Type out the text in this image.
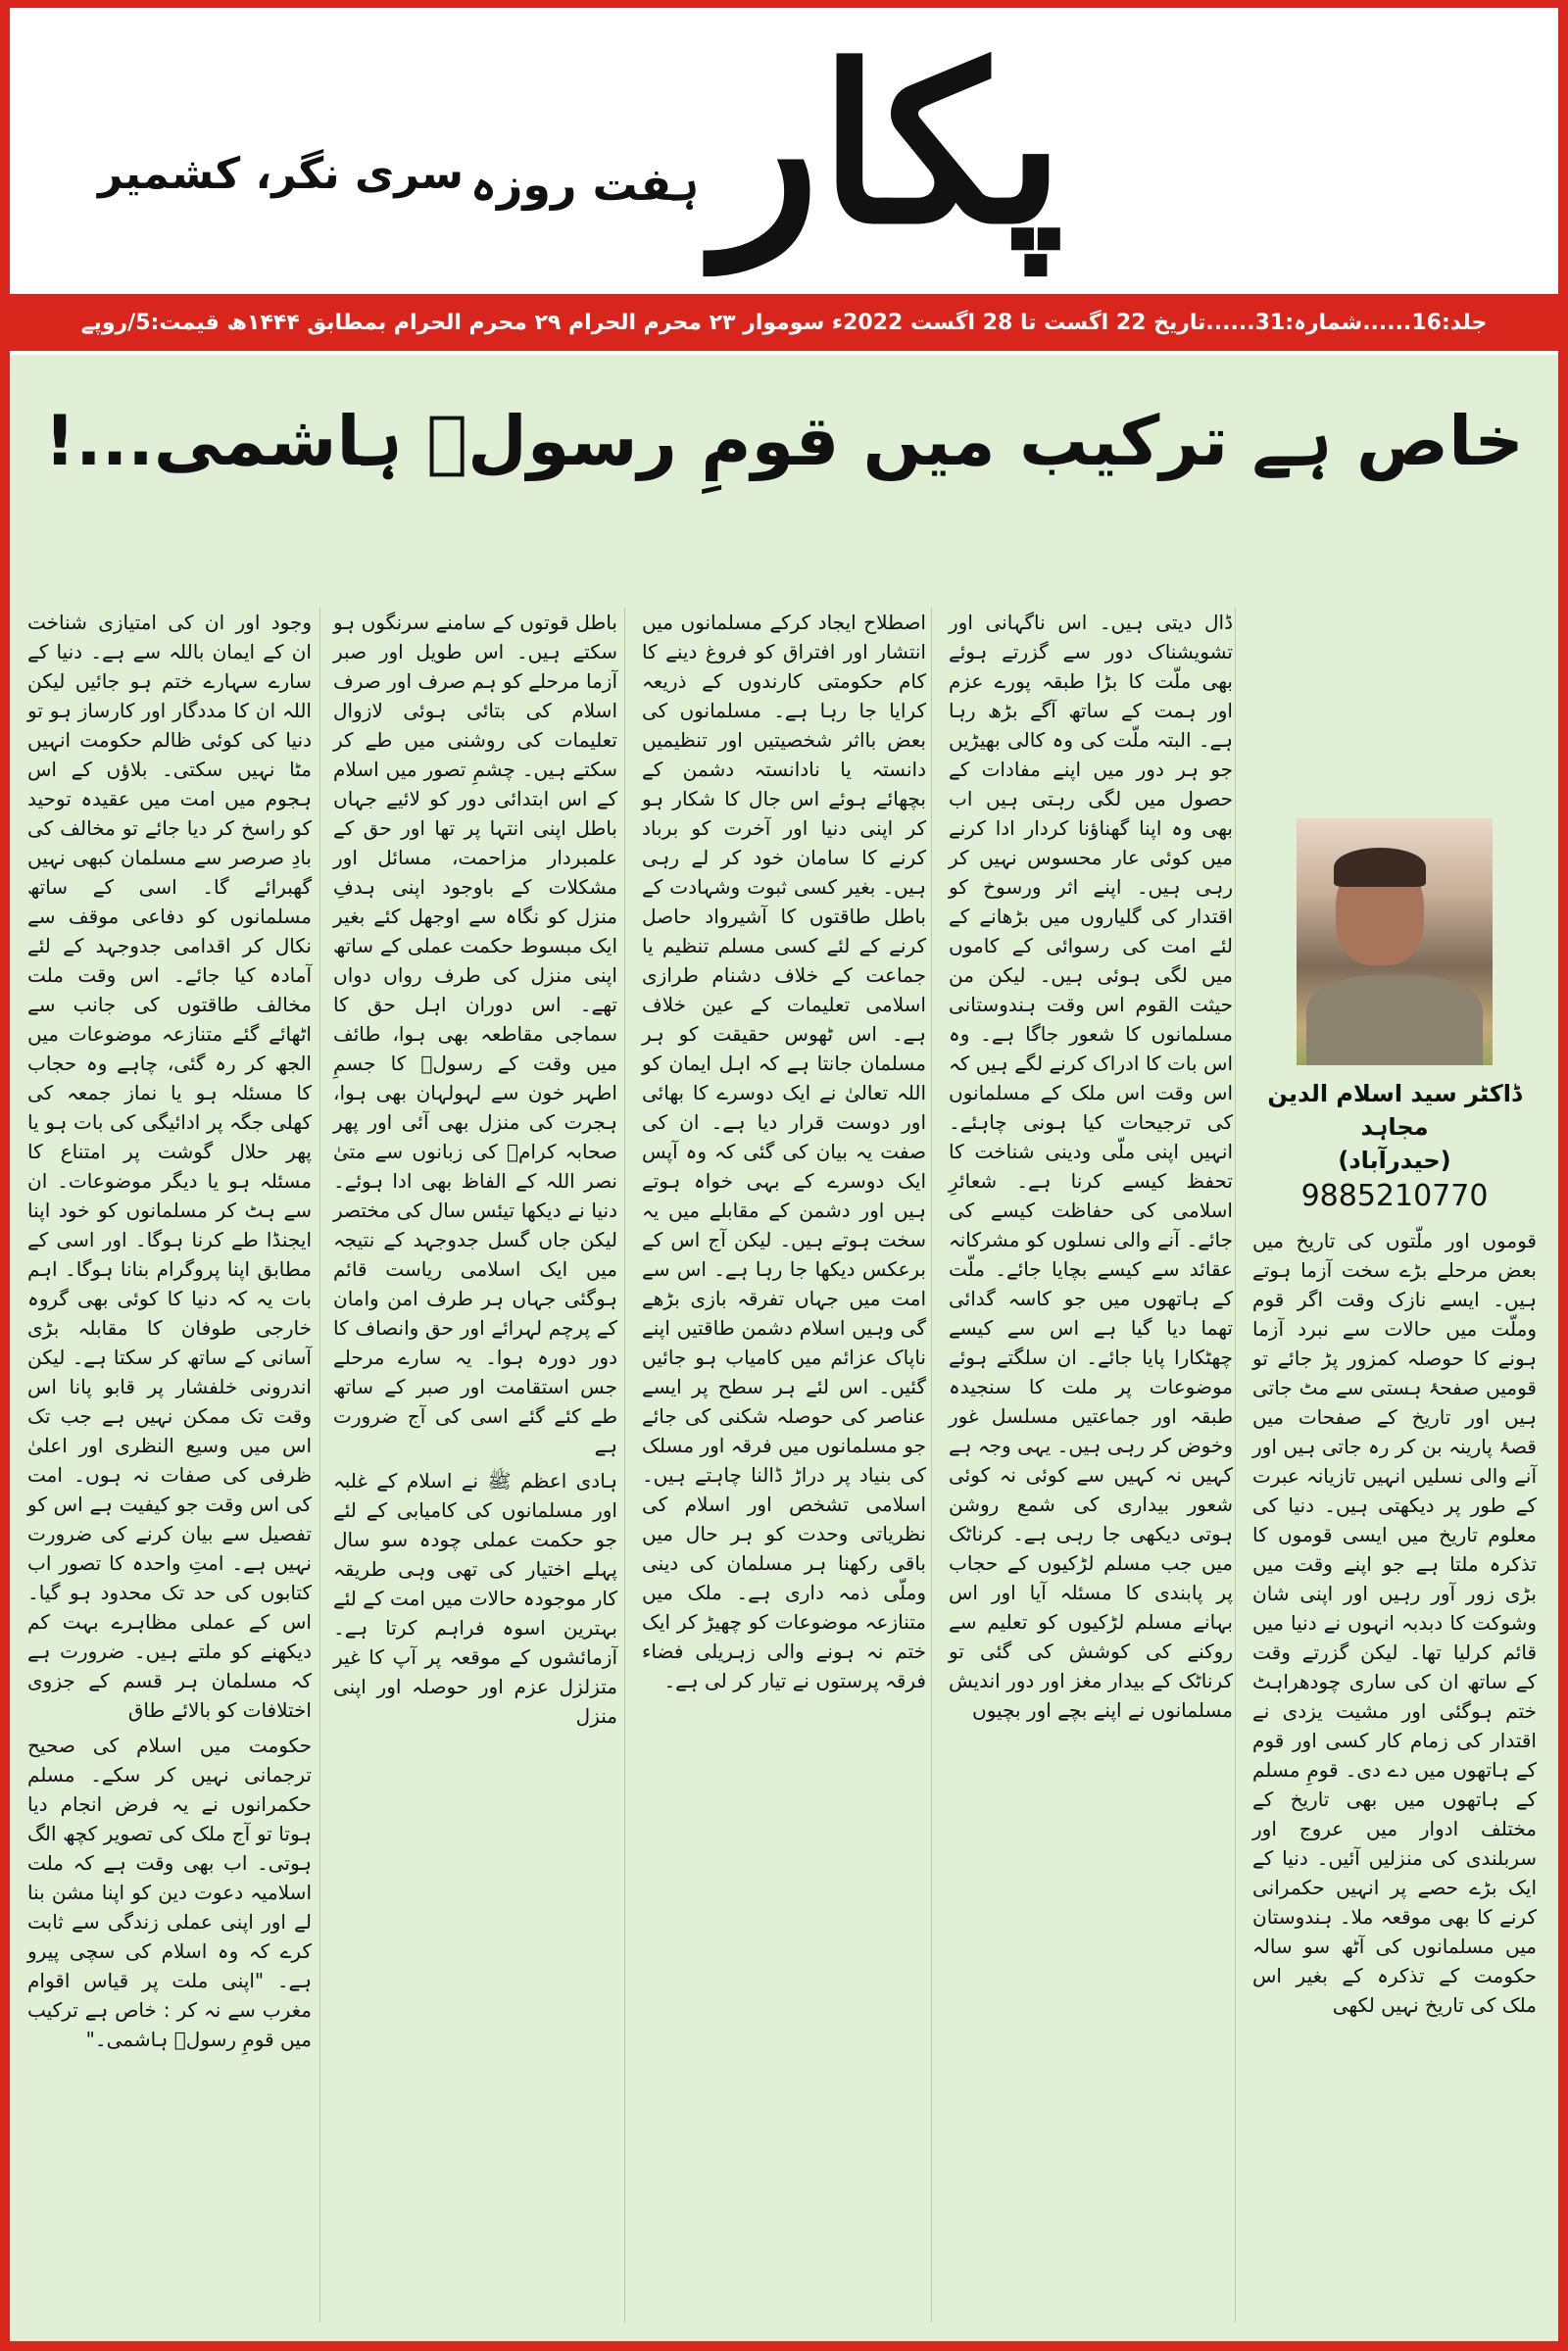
پکار
ہفت روزہ
سری نگر، کشمیر
جلد:16......شمارہ:31......تاریخ 22 اگست تا 28 اگست 2022ء سوموار ۲۳ محرم الحرام ۲۹ محرم الحرام بمطابق ۱۴۴۴ھ قیمت:5/روپے
خاص ہے ترکیب میں قومِ رسولؐ ہاشمی...!
ڈاکٹر سید اسلام الدین مجاہد
(حیدرآباد)
9885210770

قوموں اور ملّتوں کی تاریخ میں بعض مرحلے بڑے سخت آزما ہوتے ہیں۔ ایسے نازک وقت اگر قوم وملّت میں حالات سے نبرد آزما ہونے کا حوصلہ کمزور پڑ جائے تو قومیں صفحۂ ہستی سے مٹ جاتی ہیں اور تاریخ کے صفحات میں قصۂ پارینہ بن کر رہ جاتی ہیں اور آنے والی نسلیں انہیں تازیانہ عبرت کے طور پر دیکھتی ہیں۔ دنیا کی معلوم تاریخ میں ایسی قوموں کا تذکرہ ملتا ہے جو اپنے وقت میں بڑی زور آور رہیں اور اپنی شان وشوکت کا دبدبہ انہوں نے دنیا میں قائم کرلیا تھا۔ لیکن گزرتے وقت کے ساتھ ان کی ساری چودھراہٹ ختم ہوگئی اور مشیت یزدی نے اقتدار کی زمام کار کسی اور قوم کے ہاتھوں میں دے دی۔ قومِ مسلم کے ہاتھوں میں بھی تاریخ کے مختلف ادوار میں عروج اور سربلندی کی منزلیں آئیں۔ دنیا کے ایک بڑے حصے پر انہیں حکمرانی کرنے کا بھی موقعہ ملا۔ ہندوستان میں مسلمانوں کی آٹھ سو سالہ حکومت کے تذکرہ کے بغیر اس ملک کی تاریخ نہیں لکھی

ڈال دیتی ہیں۔ اس ناگہانی اور تشویشناک دور سے گزرتے ہوئے بھی ملّت کا بڑا طبقہ پورے عزم اور ہمت کے ساتھ آگے بڑھ رہا ہے۔ البتہ ملّت کی وہ کالی بھیڑیں جو ہر دور میں اپنے مفادات کے حصول میں لگی رہتی ہیں اب بھی وہ اپنا گھناؤنا کردار ادا کرنے میں کوئی عار محسوس نہیں کر رہی ہیں۔ اپنے اثر ورسوخ کو اقتدار کی گلیاروں میں بڑھانے کے لئے امت کی رسوائی کے کاموں میں لگی ہوئی ہیں۔ لیکن من حیثت القوم اس وقت ہندوستانی مسلمانوں کا شعور جاگا ہے۔ وہ اس بات کا ادراک کرنے لگے ہیں کہ اس وقت اس ملک کے مسلمانوں کی ترجیحات کیا ہونی چاہئے۔ انہیں اپنی ملّی ودینی شناخت کا تحفظ کیسے کرنا ہے۔ شعائرِ اسلامی کی حفاظت کیسے کی جائے۔ آنے والی نسلوں کو مشرکانہ عقائد سے کیسے بچایا جائے۔ ملّت کے ہاتھوں میں جو کاسہ گدائی تھما دیا گیا ہے اس سے کیسے چھٹکارا پایا جائے۔ ان سلگتے ہوئے موضوعات پر ملت کا سنجیدہ طبقہ اور جماعتیں مسلسل غور وخوض کر رہی ہیں۔ یہی وجہ ہے کہیں نہ کہیں سے کوئی نہ کوئی شعور بیداری کی شمع روشن ہوتی دیکھی جا رہی ہے۔ کرناٹک میں جب مسلم لڑکیوں کے حجاب پر پابندی کا مسئلہ آیا اور اس بہانے مسلم لڑکیوں کو تعلیم سے روکنے کی کوشش کی گئی تو کرناٹک کے بیدار مغز اور دور اندیش مسلمانوں نے اپنے بچے اور بچیوں

اصطلاح ایجاد کرکے مسلمانوں میں انتشار اور افتراق کو فروغ دینے کا کام حکومتی کارندوں کے ذریعہ کرایا جا رہا ہے۔ مسلمانوں کی بعض بااثر شخصیتیں اور تنظیمیں دانستہ یا نادانستہ دشمن کے بچھائے ہوئے اس جال کا شکار ہو کر اپنی دنیا اور آخرت کو برباد کرنے کا سامان خود کر لے رہی ہیں۔ بغیر کسی ثبوت وشہادت کے باطل طاقتوں کا آشیرواد حاصل کرنے کے لئے کسی مسلم تنظیم یا جماعت کے خلاف دشنام طرازی اسلامی تعلیمات کے عین خلاف ہے۔ اس ٹھوس حقیقت کو ہر مسلمان جانتا ہے کہ اہل ایمان کو اللہ تعالیٰ نے ایک دوسرے کا بھائی اور دوست قرار دیا ہے۔ ان کی صفت یہ بیان کی گئی کہ وہ آپس ایک دوسرے کے بہی خواہ ہوتے ہیں اور دشمن کے مقابلے میں یہ سخت ہوتے ہیں۔ لیکن آج اس کے برعکس دیکھا جا رہا ہے۔ اس سے امت میں جہاں تفرقہ بازی بڑھے گی وہیں اسلام دشمن طاقتیں اپنے ناپاک عزائم میں کامیاب ہو جائیں گئیں۔ اس لئے ہر سطح پر ایسے عناصر کی حوصلہ شکنی کی جائے جو مسلمانوں میں فرقہ اور مسلک کی بنیاد پر دراڑ ڈالنا چاہتے ہیں۔ اسلامی تشخص اور اسلام کی نظریاتی وحدت کو ہر حال میں باقی رکھنا ہر مسلمان کی دینی وملّی ذمہ داری ہے۔ ملک میں متنازعہ موضوعات کو چھیڑ کر ایک ختم نہ ہونے والی زہریلی فضاء فرقہ پرستوں نے تیار کر لی ہے۔

باطل قوتوں کے سامنے سرنگوں ہو سکتے ہیں۔ اس طویل اور صبر آزما مرحلے کو ہم صرف اور صرف اسلام کی بتائی ہوئی لازوال تعلیمات کی روشنی میں طے کر سکتے ہیں۔ چشمِ تصور میں اسلام کے اس ابتدائی دور کو لائیے جہاں باطل اپنی انتہا پر تھا اور حق کے علمبردار مزاحمت، مسائل اور مشکلات کے باوجود اپنی ہدفِ منزل کو نگاہ سے اوجھل کئے بغیر ایک مبسوط حکمت عملی کے ساتھ اپنی منزل کی طرف رواں دواں تھے۔ اس دوران اہل حق کا سماجی مقاطعہ بھی ہوا، طائف میں وقت کے رسولؐ کا جسمِ اطہر خون سے لہولہان بھی ہوا، ہجرت کی منزل بھی آئی اور پھر صحابہ کرامؓ کی زبانوں سے متیٰ نصر اللہ کے الفاظ بھی ادا ہوئے۔ دنیا نے دیکھا تیئس سال کی مختصر لیکن جاں گسل جدوجہد کے نتیجہ میں ایک اسلامی ریاست قائم ہوگئی جہاں ہر طرف امن وامان کے پرچم لہرائے اور حق وانصاف کا دور دورہ ہوا۔ یہ سارے مرحلے جس استقامت اور صبر کے ساتھ طے کئے گئے اسی کی آج ضرورت ہے

ہادی اعظم ﷺ نے اسلام کے غلبہ اور مسلمانوں کی کامیابی کے لئے جو حکمت عملی چودہ سو سال پہلے اختیار کی تھی وہی طریقہ کار موجودہ حالات میں امت کے لئے بہترین اسوہ فراہم کرتا ہے۔ آزمائشوں کے موقعہ پر آپ کا غیر متزلزل عزم اور حوصلہ اور اپنی منزل

وجود اور ان کی امتیازی شناخت ان کے ایمان باللہ سے ہے۔ دنیا کے سارے سہارے ختم ہو جائیں لیکن اللہ ان کا مددگار اور کارساز ہو تو دنیا کی کوئی ظالم حکومت انہیں مٹا نہیں سکتی۔ بلاؤں کے اس ہجوم میں امت میں عقیدہ توحید کو راسخ کر دیا جائے تو مخالف کی بادِ صرصر سے مسلمان کبھی نہیں گھبرائے گا۔ اسی کے ساتھ مسلمانوں کو دفاعی موقف سے نکال کر اقدامی جدوجہد کے لئے آمادہ کیا جائے۔ اس وقت ملت مخالف طاقتوں کی جانب سے اٹھائے گئے متنازعہ موضوعات میں الجھ کر رہ گئی، چاہے وہ حجاب کا مسئلہ ہو یا نماز جمعہ کی کھلی جگہ پر ادائیگی کی بات ہو یا پھر حلال گوشت پر امتناع کا مسئلہ ہو یا دیگر موضوعات۔ ان سے ہٹ کر مسلمانوں کو خود اپنا ایجنڈا طے کرنا ہوگا۔ اور اسی کے مطابق اپنا پروگرام بنانا ہوگا۔ اہم بات یہ کہ دنیا کا کوئی بھی گروہ خارجی طوفان کا مقابلہ بڑی آسانی کے ساتھ کر سکتا ہے۔ لیکن اندرونی خلفشار پر قابو پانا اس وقت تک ممکن نہیں ہے جب تک اس میں وسیع النظری اور اعلیٰ ظرفی کی صفات نہ ہوں۔ امت کی اس وقت جو کیفیت ہے اس کو تفصیل سے بیان کرنے کی ضرورت نہیں ہے۔ امتِ واحدہ کا تصور اب کتابوں کی حد تک محدود ہو گیا۔ اس کے عملی مظاہرے بہت کم دیکھنے کو ملتے ہیں۔ ضرورت ہے کہ مسلمان ہر قسم کے جزوی اختلافات کو بالائے طاق

حکومت میں اسلام کی صحیح ترجمانی نہیں کر سکے۔ مسلم حکمرانوں نے یہ فرض انجام دیا ہوتا تو آج ملک کی تصویر کچھ الگ ہوتی۔ اب بھی وقت ہے کہ ملت اسلامیہ دعوت دین کو اپنا مشن بنا لے اور اپنی عملی زندگی سے ثابت کرے کہ وہ اسلام کی سچی پیرو ہے۔ "اپنی ملت پر قیاس اقوام مغرب سے نہ کر : خاص ہے ترکیب میں قومِ رسولؐ ہاشمی۔"
